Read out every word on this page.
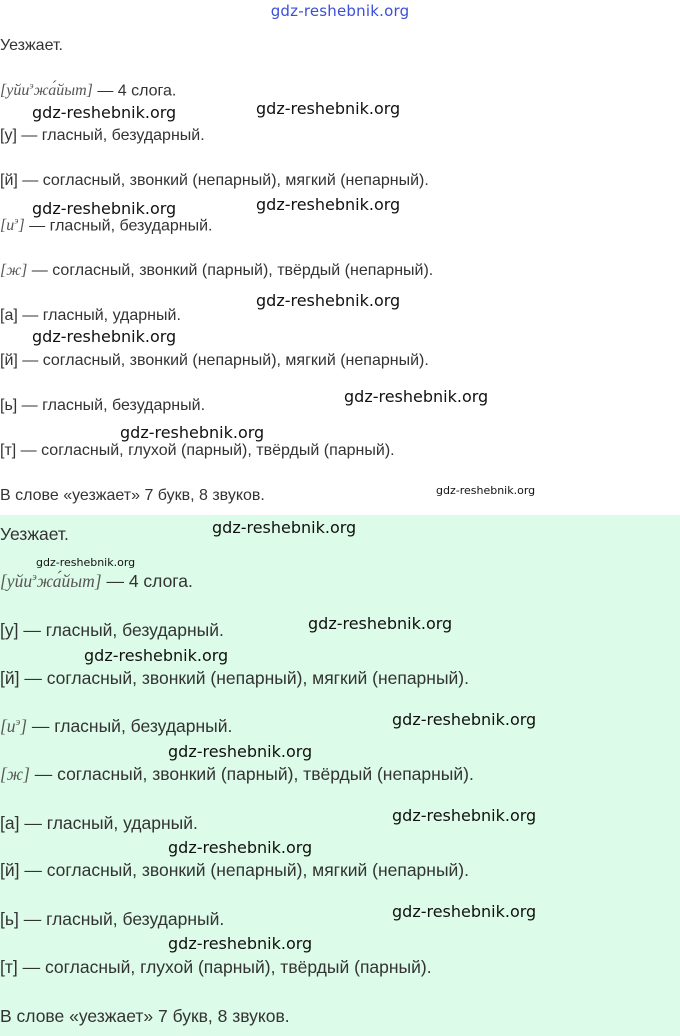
gdz-reshebnik.org
Уезжает.
[уйи$^э$жа́йыт] — 4 слога.
[у] — гласный, безударный.
[й] — согласный, звонкий (непарный), мягкий (непарный).
$[и^э]$ — гласный, безударный.
[ж] — согласный, звонкий (парный), твёрдый (непарный).
[а] — гласный, ударный.
[й] — согласный, звонкий (непарный), мягкий (непарный).
[ь] — гласный, безударный.
[т] — согласный, глухой (парный), твёрдый (парный).
В слове «уезжает» 7 букв, 8 звуков.
gdz-reshebnik.org	gdz-reshebnik.org
gdz-reshebnik.org	gdz-reshebnik.org
gdz-reshebnik.org
gdz-reshebnik.org
gdz-reshebnik.org
gdz-reshebnik.org
gdz-reshebnik.org
Уезжает.
[уйи$^э$жа́йыт] — 4 слога.
[у] — гласный, безударный.
[й] — согласный, звонкий (непарный), мягкий (непарный).
$[и^э]$ — гласный, безударный.
[ж] — согласный, звонкий (парный), твёрдый (непарный).
[а] — гласный, ударный.
[й] — согласный, звонкий (непарный), мягкий (непарный).
[ь] — гласный, безударный.
[т] — согласный, глухой (парный), твёрдый (парный).
В слове «уезжает» 7 букв, 8 звуков.
gdz-reshebnik.org
gdz-reshebnik.org
gdz-reshebnik.org
gdz-reshebnik.org
gdz-reshebnik.org
gdz-reshebnik.org
gdz-reshebnik.org
gdz-reshebnik.org
gdz-reshebnik.org
gdz-reshebnik.org
